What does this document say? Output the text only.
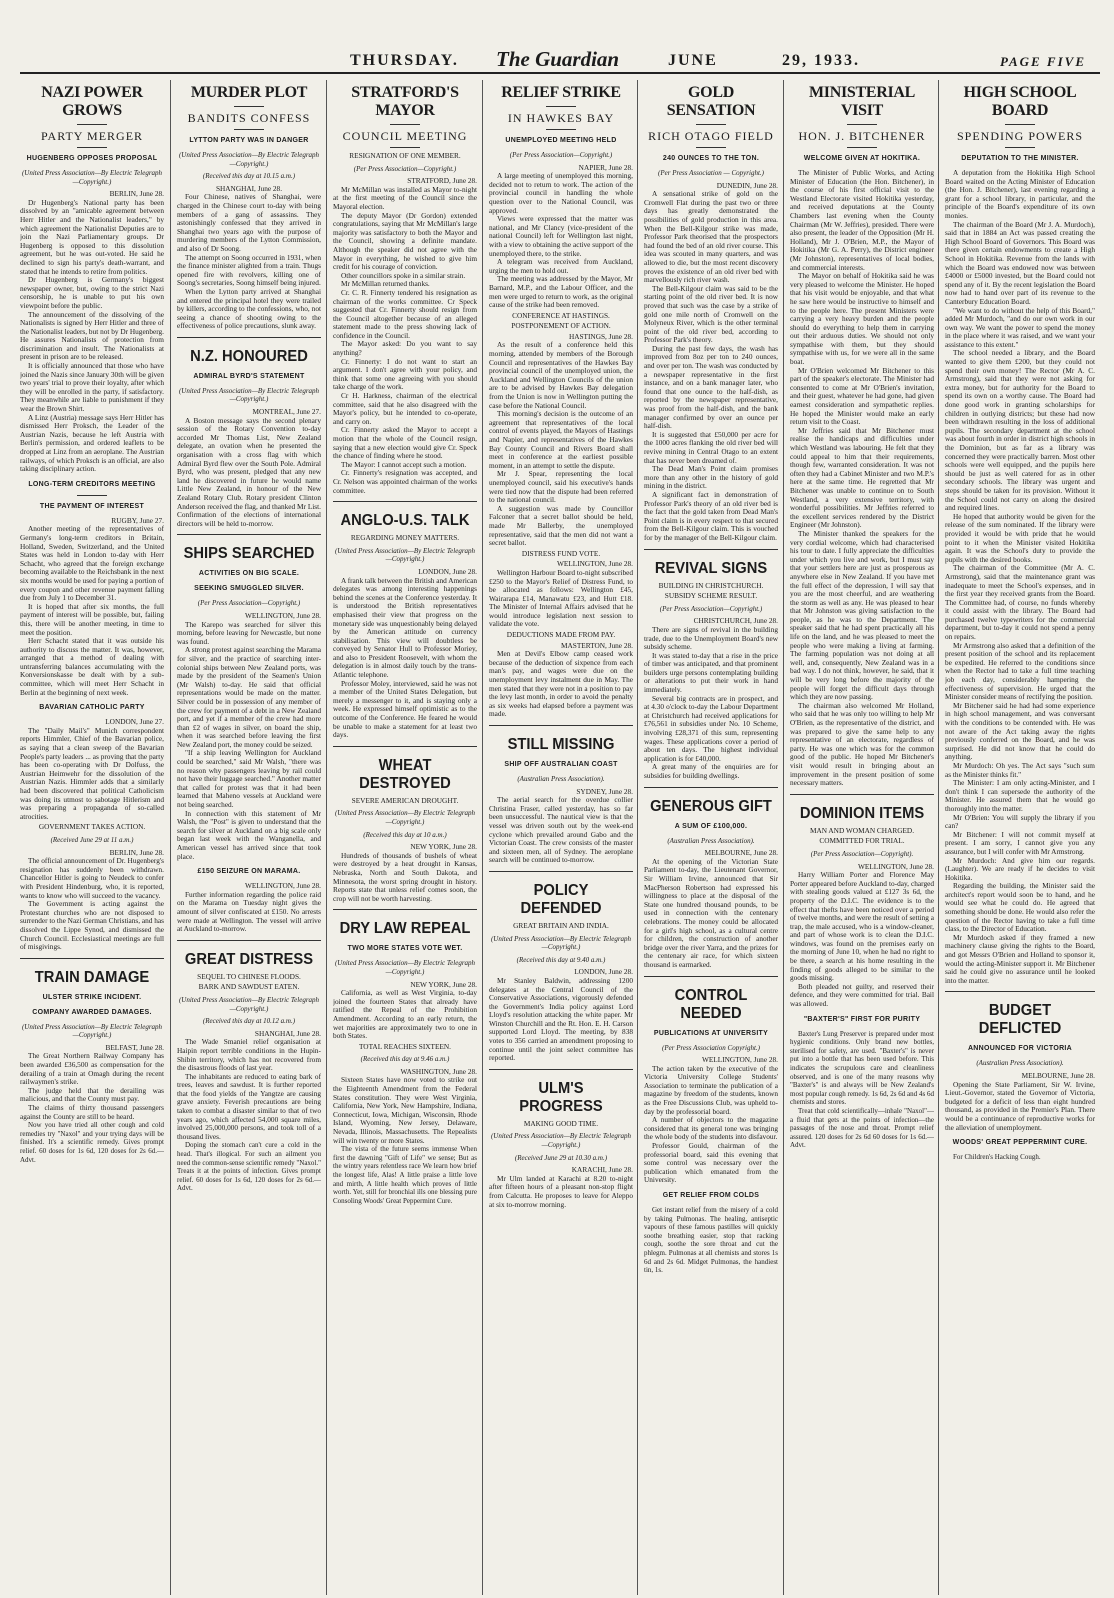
THURSDAY. The Guardian	JUNE	29, 1933.	PAGE FIVE
NAZI POWER GROWS
PARTY MERGER
HUGENBERG OPPOSES PROPOSAL
(United Press Association—By Electric Telegraph—Copyright.)
BERLIN, June 28.

Dr Hugenberg's National party has been dissolved by an "amicable agreement between Herr Hitler and the Nationalist leaders," by which agreement the Nationalist Deputies are to join the Nazi Parliamentary groups. Dr Hugenberg is opposed to this dissolution agreement, but he was out-voted. He said he declined to sign his party's death-warrant, and stated that he intends to retire from politics.

Dr Hugenberg is Germany's biggest newspaper owner, but, owing to the strict Nazi censorship, he is unable to put his own viewpoint before the public.

The announcement of the dissolving of the Nationalists is signed by Herr Hitler and three of the Nationalist leaders, but not by Dr Hugenberg. He assures Nationalists of protection from discrimination and insult. The Nationalists at present in prison are to be released.

It is officially announced that those who have joined the Nazis since January 30th will be given two years' trial to prove their loyalty, after which they will be enrolled in the party, if satisfactory. They meanwhile are liable to punishment if they wear the Brown Shirt.

A Linz (Austria) message says Herr Hitler has dismissed Herr Proksch, the Leader of the Austrian Nazis, because he left Austria with Berlin's permission, and ordered leaflets to be dropped at Linz from an aeroplane. The Austrian railways, of which Proksch is an official, are also taking disciplinary action.

LONG-TERM CREDITORS MEETING
THE PAYMENT OF INTEREST
RUGBY, June 27.

Another meeting of the representatives of Germany's long-term creditors in Britain, Holland, Sweden, Switzerland, and the United States was held in London to-day with Herr Schacht, who agreed that the foreign exchange becoming available to the Reichsbank in the next six months would be used for paying a portion of every coupon and other revenue payment falling due from July 1 to December 31.

It is hoped that after six months, the full payment of interest will be possible, but, failing this, there will be another meeting, in time to meet the position.

Herr Schacht stated that it was outside his authority to discuss the matter. It was, however, arranged that a method of dealing with untransferring balances accumulating with the Konversionskasse be dealt with by a sub-committee, which will meet Herr Schacht in Berlin at the beginning of next week.

BAVARIAN CATHOLIC PARTY
LONDON, June 27.

The "Daily Mail's" Munich correspondent reports Himmler, Chief of the Bavarian police, as saying that a clean sweep of the Bavarian People's party leaders ... as proving that the party has been co-operating with Dr Dolfuss, the Austrian Heimwehr for the dissolution of the Austrian Nazis. Himmler adds that a similarly had been discovered that political Catholicism was doing its utmost to sabotage Hitlerism and was preparing a propaganda of so-called atrocities.

GOVERNMENT TAKES ACTION.
(Received June 29 at 11 a.m.)
BERLIN, June 28.

The official announcement of Dr. Hugenberg's resignation has suddenly been withdrawn. Chancellor Hitler is going to Neudeck to confer with President Hindenburg, who, it is reported, wants to know who will succeed to the vacancy.

The Government is acting against the Protestant churches who are not disposed to surrender to the Nazi German Christians, and has dissolved the Lippe Synod, and dismissed the Church Council. Ecclesiastical meetings are full of misgivings.

TRAIN DAMAGE
ULSTER STRIKE INCIDENT.
COMPANY AWARDED DAMAGES.
(United Press Association—By Electric Telegraph—Copyright.)
BELFAST, June 28.

The Great Northern Railway Company has been awarded £36,500 as compensation for the derailing of a train at Omagh during the recent railwaymen's strike.

The judge held that the derailing was malicious, and that the County must pay.

The claims of thirty thousand passengers against the County are still to be heard.

Now you have tried all other cough and cold remedies try "Naxol" and your trying days will be finished. It's a scientific remedy. Gives prompt relief. 60 doses for 1s 6d, 120 doses for 2s 6d.—Advt.

MURDER PLOT
BANDITS CONFESS
LYTTON PARTY WAS IN DANGER
(United Press Association—By Electric Telegraph—Copyright.)
(Received this day at 10.15 a.m.)
SHANGHAI, June 28.

Four Chinese, natives of Shanghai, were charged in the Chinese court to-day with being members of a gang of assassins. They astonishingly confessed that they arrived in Shanghai two years ago with the purpose of murdering members of the Lytton Commission, and also of Dr Soong.

The attempt on Soong occurred in 1931, when the finance minister alighted from a train. Thugs opened fire with revolvers, killing one of Soong's secretaries, Soong himself being injured.

When the Lytton party arrived at Shanghai and entered the principal hotel they were trailed by killers, according to the confessions, who, not seeing a chance of shooting owing to the effectiveness of police precautions, slunk away.

N.Z. HONOURED
ADMIRAL BYRD'S STATEMENT
(United Press Association—By Electric Telegraph—Copyright.)
MONTREAL, June 27.

A Boston message says the second plenary session of the Rotary Convention to-day accorded Mr Thomas List, New Zealand delegate, an ovation when he presented the organisation with a cross flag with which Admiral Byrd flew over the South Pole. Admiral Byrd, who was present, pledged that any new land he discovered in future he would name Little New Zealand, in honour of the New Zealand Rotary Club. Rotary president Clinton Anderson received the flag, and thanked Mr List. Confirmation of the elections of international directors will be held to-morrow.

SHIPS SEARCHED
ACTIVITIES ON BIG SCALE.
SEEKING SMUGGLED SILVER.
(Per Press Association—Copyright.)
WELLINGTON, June 28.

The Karepo was searched for silver this morning, before leaving for Newcastle, but none was found.

A strong protest against searching the Marama for silver, and the practice of searching inter-colonial ships between New Zealand ports, was made by the president of the Seamen's Union (Mr Walsh) to-day. He said that official representations would be made on the matter. Silver could be in possession of any member of the crew for payment of a debt in a New Zealand port, and yet if a member of the crew had more than £2 of wages in silver, on board the ship, when it was searched before leaving the first New Zealand port, the money could be seized.

"If a ship leaving Wellington for Auckland could be searched," said Mr Walsh, "there was no reason why passengers leaving by rail could not have their luggage searched." Another matter that called for protest was that it had been learned that Maheno vessels at Auckland were not being searched.

In connection with this statement of Mr Walsh, the "Post" is given to understand that the search for silver at Auckland on a big scale only began last week with the Wanganella, and American vessel has arrived since that took place.

£150 SEIZURE ON MARAMA.
WELLINGTON, June 28.

Further information regarding the police raid on the Marama on Tuesday night gives the amount of silver confiscated at £150. No arrests were made at Wellington. The vessel will arrive at Auckland to-morrow.

GREAT DISTRESS
SEQUEL TO CHINESE FLOODS.
BARK AND SAWDUST EATEN.
(United Press Association—By Electric Telegraph—Copyright.)
(Received this day at 10.12 a.m.)
SHANGHAI, June 28.

The Wade Smaniel relief organisation at Haipin report terrible conditions in the Hupin-Shibin territory, which has not recovered from the disastrous floods of last year.

The inhabitants are reduced to eating bark of trees, leaves and sawdust. It is further reported that the food yields of the Yangtze are causing grave anxiety. Feverish precautions are being taken to combat a disaster similar to that of two years ago, which affected 54,000 square miles, involved 25,000,000 persons, and took toll of a thousand lives.

Doping the stomach can't cure a cold in the head. That's illogical. For such an ailment you need the common-sense scientific remedy "Naxol." Treats it at the points of infection. Gives prompt relief. 60 doses for 1s 6d, 120 doses for 2s 6d.—Advt.

STRATFORD'S MAYOR
COUNCIL MEETING
RESIGNATION OF ONE MEMBER.
(Per Press Association—Copyright.)
STRATFORD, June 28.

Mr McMillan was installed as Mayor to-night at the first meeting of the Council since the Mayoral election.

The deputy Mayor (Dr Gordon) extended congratulations, saying that Mr McMillan's large majority was satisfactory to both the Mayor and the Council, showing a definite mandate. Although the speaker did not agree with the Mayor in everything, he wished to give him credit for his courage of conviction.

Other councillors spoke in a similar strain.

Mr McMillan returned thanks.

Cr. C. R. Finnerty tendered his resignation as chairman of the works committee. Cr Speck suggested that Cr. Finnerty should resign from the Council altogether because of an alleged statement made to the press showing lack of confidence in the Council.

The Mayor asked: Do you want to say anything?

Cr. Finnerty: I do not want to start an argument. I don't agree with your policy, and think that some one agreeing with you should take charge of the work.

Cr H. Harkness, chairman of the electrical committee, said that he also disagreed with the Mayor's policy, but he intended to co-operate, and carry on.

Cr. Finnerty asked the Mayor to accept a motion that the whole of the Council resign, saying that a new election would give Cr. Speck the chance of finding where he stood.

The Mayor: I cannot accept such a motion.

Cr. Finnerty's resignation was accepted, and Cr. Nelson was appointed chairman of the works committee.

ANGLO-U.S. TALK
REGARDING MONEY MATTERS.
(United Press Association—By Electric Telegraph—Copyright.)
LONDON, June 28.

A frank talk between the British and American delegates was among interesting happenings behind the scenes at the Conference yesterday. It is understood the British representatives emphasised their view that progress on the monetary side was unquestionably being delayed by the American attitude on currency stabilisation. This view will doubtless be conveyed by Senator Hull to Professor Moriey, and also to President Roosevelt, with whom the delegation is in almost daily touch by the trans-Atlantic telephone.

Professor Moley, interviewed, said he was not a member of the United States Delegation, but merely a messenger to it, and is staying only a week. He expressed himself optimistic as to the outcome of the Conference. He feared he would be unable to make a statement for at least two days.

WHEAT DESTROYED
SEVERE AMERICAN DROUGHT.
(United Press Association—By Electric Telegraph—Copyright.)
(Received this day at 10 a.m.)
NEW YORK, June 28.

Hundreds of thousands of bushels of wheat were destroyed by a heat drought in Kansas, Nebraska, North and South Dakota, and Minnesota, the worst spring drought in history. Reports state that unless relief comes soon, the crop will not be worth harvesting.

DRY LAW REPEAL
TWO MORE STATES VOTE WET.
(United Press Association—By Electric Telegraph—Copyright.)
NEW YORK, June 28.

California, as well as West Virginia, to-day joined the fourteen States that already have ratified the Repeal of the Prohibition Amendment. According to an early return, the wet majorities are approximately two to one in both States.

TOTAL REACHES SIXTEEN.
(Received this day at 9.46 a.m.)
WASHINGTON, June 28.

Sixteen States have now voted to strike out the Eighteenth Amendment from the Federal States constitution. They were West Virginia, California, New York, New Hampshire, Indiana, Connecticut, Iowa, Michigan, Wisconsin, Rhode Island, Wyoming, New Jersey, Delaware, Nevada, Illinois, Massachusetts. The Repealists will win twenty or more States.

The vista of the future seems immense When first the dawning "Gift of Life" we sense; But as the wintry years relentless race We learn how brief the longest life, Alas! A little praise a little love and mirth, A little health which proves of little worth. Yet, still for bronchial ills one blessing pure Consoling Woods' Great Peppermint Cure.

RELIEF STRIKE
IN HAWKES BAY
UNEMPLOYED MEETING HELD
(Per Press Association—Copyright.)
NAPIER, June 28.

A large meeting of unemployed this morning, decided not to return to work. The action of the provincial council in handling the whole question over to the National Council, was approved.

Views were expressed that the matter was national, and Mr Clancy (vice-president of the national Council) left for Wellington last night, with a view to obtaining the active support of the unemployed there, to the strike.

A telegram was received from Auckland, urging the men to hold out.

The meeting was addressed by the Mayor, Mr Barnard, M.P., and the Labour Officer, and the men were urged to return to work, as the original cause of the strike had been removed.

CONFERENCE AT HASTINGS.
POSTPONEMENT OF ACTION.
HASTINGS, June 28.

As the result of a conference held this morning, attended by members of the Borough Council and representatives of the Hawkes Bay provincial council of the unemployed union, the Auckland and Wellington Councils of the union are to be advised by Hawkes Bay delegation from the Union is now in Wellington putting the case before the National Council.

This morning's decision is the outcome of an agreement that representatives of the local control of events played, the Mayors of Hastings and Napier, and representatives of the Hawkes Bay County Council and Rivers Board shall meet in conference at the earliest possible moment, in an attempt to settle the dispute.

Mr J. Spear, representing the local unemployed council, said his executive's hands were tied now that the dispute had been referred to the national council.

A suggestion was made by Councillor Falconer that a secret ballot should be held, made Mr Ballerby, the unemployed representative, said that the men did not want a secret ballot.

DISTRESS FUND VOTE.
WELLINGTON, June 28.

Wellington Harbour Board to-night subscribed £250 to the Mayor's Relief of Distress Fund, to be allocated as follows: Wellington £45, Wairarapa £14, Manawatu £23, and Hutt £18. The Minister of Internal Affairs advised that he would introduce legislation next session to validate the vote.

DEDUCTIONS MADE FROM PAY.
MASTERTON, June 28.

Men at Devil's Elbow camp ceased work because of the deduction of sixpence from each man's pay, and wages were due on the unemployment levy instalment due in May. The men stated that they were not in a position to pay the levy last month, in order to avoid the penalty as six weeks had elapsed before a payment was made.

STILL MISSING
SHIP OFF AUSTRALIAN COAST
(Australian Press Association).
SYDNEY, June 28.

The aerial search for the overdue collier Christina Fraser, called yesterday, has so far been unsuccessful. The nautical view is that the vessel was driven south out by the week-end cyclone which prevailed around Gabo and the Victorian Coast. The crew consists of the master and sixteen men, all of Sydney. The aeroplane search will be continued to-morrow.

POLICY DEFENDED
GREAT BRITAIN AND INDIA.
(United Press Association—By Electric Telegraph—Copyright.)
(Received this day at 9.40 a.m.)
LONDON, June 28.

Mr Stanley Baldwin, addressing 1200 delegates at the Central Council of the Conservative Associations, vigorously defended the Government's India policy against Lord Lloyd's resolution attacking the white paper. Mr Winston Churchill and the Rt. Hon. E. H. Carson supported Lord Lloyd. The meeting, by 838 votes to 356 carried an amendment proposing to continue until the joint select committee has reported.

ULM'S PROGRESS
MAKING GOOD TIME.
(United Press Association—By Electric Telegraph—Copyright.)
(Received June 29 at 10.30 a.m.)
KARACHI, June 28.

Mr Ulm landed at Karachi at 8.20 to-night after fifteen hours of a pleasant non-stop flight from Calcutta. He proposes to leave for Aleppo at six to-morrow morning.

GOLD SENSATION
RICH OTAGO FIELD
240 OUNCES TO THE TON.
(Per Press Association — Copyright.)
DUNEDIN, June 28.

A sensational strike of gold on the Cromwell Flat during the past two or three days has greatly demonstrated the possibilities of gold production in this area. When the Bell-Kilgour strike was made, Professor Park theorised that the prospectors had found the bed of an old river course. This idea was scouted in many quarters, and was allowed to die, but the most recent discovery proves the existence of an old river bed with marvellously rich river wash.

The Bell-Kilgour claim was said to be the starting point of the old river bed. It is now proved that such was the case by a strike of gold one mile north of Cromwell on the Molyneux River, which is the other terminal point of the old river bed, according to Professor Park's theory.

During the past few days, the wash has improved from 8oz per ton to 240 ounces, and over per ton. The wash was conducted by a newspaper representative in the first instance, and on a bank manager later, who found that one ounce to the half-dish, as reported by the newspaper representative, was proof from the half-dish, and the bank manager confirmed by over an ounce per half-dish.

It is suggested that £50,000 per acre for the 1000 acres flanking the old river bed will revive mining in Central Otago to an extent that has never been dreamed of.

The Dead Man's Point claim promises more than any other in the history of gold mining in the district.

A significant fact in demonstration of Professor Park's theory of an old river bed is the fact that the gold taken from Dead Man's Point claim is in every respect to that secured from the Bell-Kilgour claim. This is vouched for by the manager of the Bell-Kilgour claim.

REVIVAL SIGNS
BUILDING IN CHRISTCHURCH.
SUBSIDY SCHEME RESULT.
(Per Press Association—Copyright.)
CHRISTCHURCH, June 28.

There are signs of revival in the building trade, due to the Unemployment Board's new subsidy scheme.

It was stated to-day that a rise in the price of timber was anticipated, and that prominent builders urge persons contemplating building or alterations to put their work in hand immediately.

Several big contracts are in prospect, and at 4.30 o'clock to-day the Labour Department at Christchurch had received applications for £76,561 in subsidies under No. 10 Scheme, involving £28,371 of this sum, representing wages. These applications cover a period of about ten days. The highest individual application is for £40,000.

A great many of the enquiries are for subsidies for building dwellings.

GENEROUS GIFT
A SUM OF £100,000.
(Australian Press Association).
MELBOURNE, June 28.

At the opening of the Victorian State Parliament to-day, the Lieutenant Governor, Sir William Irvine, announced that Sir MacPherson Robertson had expressed his willingness to place at the disposal of the State one hundred thousand pounds, to be used in connection with the centenary celebrations. The money could be allocated for a girl's high school, as a cultural centre for children, the construction of another bridge over the river Yarra, and the prizes for the centenary air race, for which sixteen thousand is earmarked.

CONTROL NEEDED
PUBLICATIONS AT UNIVERSITY
(Per Press Association Copyright.)
WELLINGTON, June 28.

The action taken by the executive of the Victoria University College Students' Association to terminate the publication of a magazine by freedom of the students, known as the Free Discussions Club, was upheld to-day by the professorial board.

A number of objectors to the magazine considered that its general tone was bringing the whole body of the students into disfavour.

Professor Gould, chairman of the professorial board, said this evening that some control was necessary over the publication which emanated from the University.

GET RELIEF FROM COLDS

Get instant relief from the misery of a cold by taking Pulmonas. The healing, antiseptic vapours of these famous pastilles will quickly soothe breathing easier, stop that racking cough, soothe the sore throat and cut the phlegm. Pulmonas at all chemists and stores 1s 6d and 2s 6d. Midget Pulmonas, the handiest tin, 1s.

MINISTERIAL VISIT
HON. J. BITCHENER
WELCOME GIVEN AT HOKITIKA.

The Minister of Public Works, and Acting Minister of Education (the Hon. Bitchener), in the course of his first official visit to the Westland Electorate visited Hokitika yesterday, and received deputations at the County Chambers last evening when the County Chairman (Mr W. Jeffries), presided. There were also present, the leader of the Opposition (Mr H. Holland), Mr J. O'Brien, M.P., the Mayor of Hokitika (Mr G. A. Perry), the District engineer (Mr Johnston), representatives of local bodies, and commercial interests.

The Mayor on behalf of Hokitika said he was very pleased to welcome the Minister. He hoped that his visit would be enjoyable, and that what he saw here would be instructive to himself and to the people here. The present Ministers were carrying a very heavy burden and the people should do everything to help them in carrying out their arduous duties. We should not only sympathise with them, but they should sympathise with us, for we were all in the same boat.

Mr O'Brien welcomed Mr Bitchener to this part of the speaker's electorate. The Minister had consented to come at Mr O'Brien's invitation, and their guest, whatever he had gone, had given earnest consideration and sympathetic replies. He hoped the Minister would make an early return visit to the Coast.

Mr Jeffries said that Mr Bitchener must realise the handicaps and difficulties under which Westland was labouring. He felt that they could appeal to him that their requirements, though few, warranted consideration. It was not often they had a Cabinet Minister and two M.P.'s here at the same time. He regretted that Mr Bitchener was unable to continue on to South Westland, a very extensive territory, with wonderful possibilities. Mr Jeffries referred to the excellent services rendered by the District Engineer (Mr Johnston).

The Minister thanked the speakers for the very cordial welcome, which had characterised his tour to date. I fully appreciate the difficulties under which you live and work, but I must say that your settlers here are just as prosperous as anywhere else in New Zealand. If you have met the full effect of the depression, I will say that you are the most cheerful, and are weathering the storm as well as any. He was pleased to hear that Mr Johnston was giving satisfaction to the people, as he was to the Department. The speaker said that he had spent practically all his life on the land, and he was pleased to meet the people who were making a living at farming. The farming population was not doing at all well, and, consequently, New Zealand was in a bad way. I do not think, however, he said, that it will be very long before the majority of the people will forget the difficult days through which they are now passing.

The chairman also welcomed Mr Holland, who said that he was only too willing to help Mr O'Brien, as the representative of the district, and was prepared to give the same help to any representative of an electorate, regardless of party. He was one which was for the common good of the public. He hoped Mr Bitchener's visit would result in bringing about an improvement in the present position of some necessary matters.

DOMINION ITEMS
MAN AND WOMAN CHARGED.
COMMITTED FOR TRIAL.
(Per Press Association—Copyright).
WELLINGTON, June 28.

Harry William Porter and Florence May Porter appeared before Auckland to-day, charged with stealing goods valued at £127 3s 6d, the property of the D.I.C. The evidence is to the effect that thefts have been noticed over a period of twelve months, and were the result of setting a trap, the male accused, who is a window-cleaner, and part of whose work is to clean the D.I.C. windows, was found on the premises early on the morning of June 10, when he had no right to be there, a search at his home resulting in the finding of goods alleged to be similar to the goods missing.

Both pleaded not guilty, and reserved their defence, and they were committed for trial. Bail was allowed.

"BAXTER'S" FIRST FOR PURITY

Baxter's Lung Preserver is prepared under most hygienic conditions. Only brand new bottles, sterilised for safety, are used. "Baxter's" is never put into a bottle that has been used before. This indicates the scrupulous care and cleanliness observed, and is one of the many reasons why "Baxter's" is and always will be New Zealand's most popular cough remedy. 1s 6d, 2s 6d and 4s 6d chemists and stores.

Treat that cold scientifically—inhale "Naxol"—a fluid that gets at the points of infection—the passages of the nose and throat. Prompt relief assured. 120 doses for 2s 6d 60 doses for 1s 6d.—Advt.

HIGH SCHOOL BOARD
SPENDING POWERS
DEPUTATION TO THE MINISTER.

A deputation from the Hokitika High School Board waited on the Acting Minister of Education (the Hon. J. Bitchener), last evening regarding a grant for a school library, in particular, and the principle of the Board's expenditure of its own monies.

The chairman of the Board (Mr J. A. Murdoch), said that in 1884 an Act was passed creating the High School Board of Governors. This Board was there given certain endowments to create a High School in Hokitika. Revenue from the lands with which the Board was endowed now was between £4000 or £5000 invested, but the Board could not spend any of it. By the recent legislation the Board now had to hand over part of its revenue to the Canterbury Education Board.

"We want to do without the help of this Board," added Mr Murdoch, "and do our own work in our own way. We want the power to spend the money in the place where it was raised, and we want your assistance to this extent."

The school needed a library, and the Board wanted to give them £200, but they could not spend their own money! The Rector (Mr A. C. Armstrong), said that they were not asking for extra money, but for authority for the Board to spend its own on a worthy cause. The Board had done good work in granting scholarships for children in outlying districts; but these had now been withdrawn resulting in the loss of additional pupils. The secondary department at the school was about fourth in order in district high schools in the Dominion, but as far as a library was concerned they were practically barren. Most other schools were well equipped, and the pupils here should be just as well catered for as in other secondary schools. The library was urgent and steps should be taken for its provision. Without it the School could not carry on along the desired and required lines.

He hoped that authority would be given for the release of the sum nominated. If the library were provided it would be with pride that he would point to it when the Minister visited Hokitika again. It was the School's duty to provide the pupils with the desired books.

The chairman of the Committee (Mr A. C. Armstrong), said that the maintenance grant was inadequate to meet the School's expenses, and in the first year they received grants from the Board. The Committee had, of course, no funds whereby it could assist with the library. The Board had purchased twelve typewriters for the commercial department, but to-day it could not spend a penny on repairs.

Mr Armstrong also asked that a definition of the present position of the school and its replacement be expedited. He referred to the conditions since when the Rector had to take a full time teaching job each day, considerably hampering the effectiveness of supervision. He urged that the Minister consider means of rectifying the position.

Mr Bitchener said he had had some experience in high school management, and was conversant with the conditions to be contended with. He was not aware of the Act taking away the rights previously conferred on the Board, and he was surprised. He did not know that he could do anything.

Mr Murdoch: Oh yes. The Act says "such sum as the Minister thinks fit."

The Minister: I am only acting-Minister, and I don't think I can supersede the authority of the Minister. He assured them that he would go thoroughly into the matter.

Mr O'Brien: You will supply the library if you can?

Mr Bitchener: I will not commit myself at present. I am sorry, I cannot give you any assurance, but I will confer with Mr Armstrong.

Mr Murdoch: And give him our regards. (Laughter). We are ready if he decides to visit Hokitika.

Regarding the building, the Minister said the architect's report would soon be to hand, and he would see what he could do. He agreed that something should be done. He would also refer the question of the Rector having to take a full time class, to the Director of Education.

Mr Murdoch asked if they framed a new machinery clause giving the rights to the Board, and got Messrs O'Brien and Holland to sponsor it, would the acting-Minister support it. Mr Bitchener said he could give no assurance until he looked into the matter.

BUDGET DEFLICTED
ANNOUNCED FOR VICTORIA
(Australian Press Association).
MELBOURNE, June 28.

Opening the State Parliament, Sir W. Irvine, Lieut.-Governor, stated the Governor of Victoria, budgeted for a deficit of less than eight hundred thousand, as provided in the Premier's Plan. There would be a continuance of reproductive works for the alleviation of unemployment.

WOODS' GREAT PEPPERMINT CURE.

For Children's Hacking Cough.
